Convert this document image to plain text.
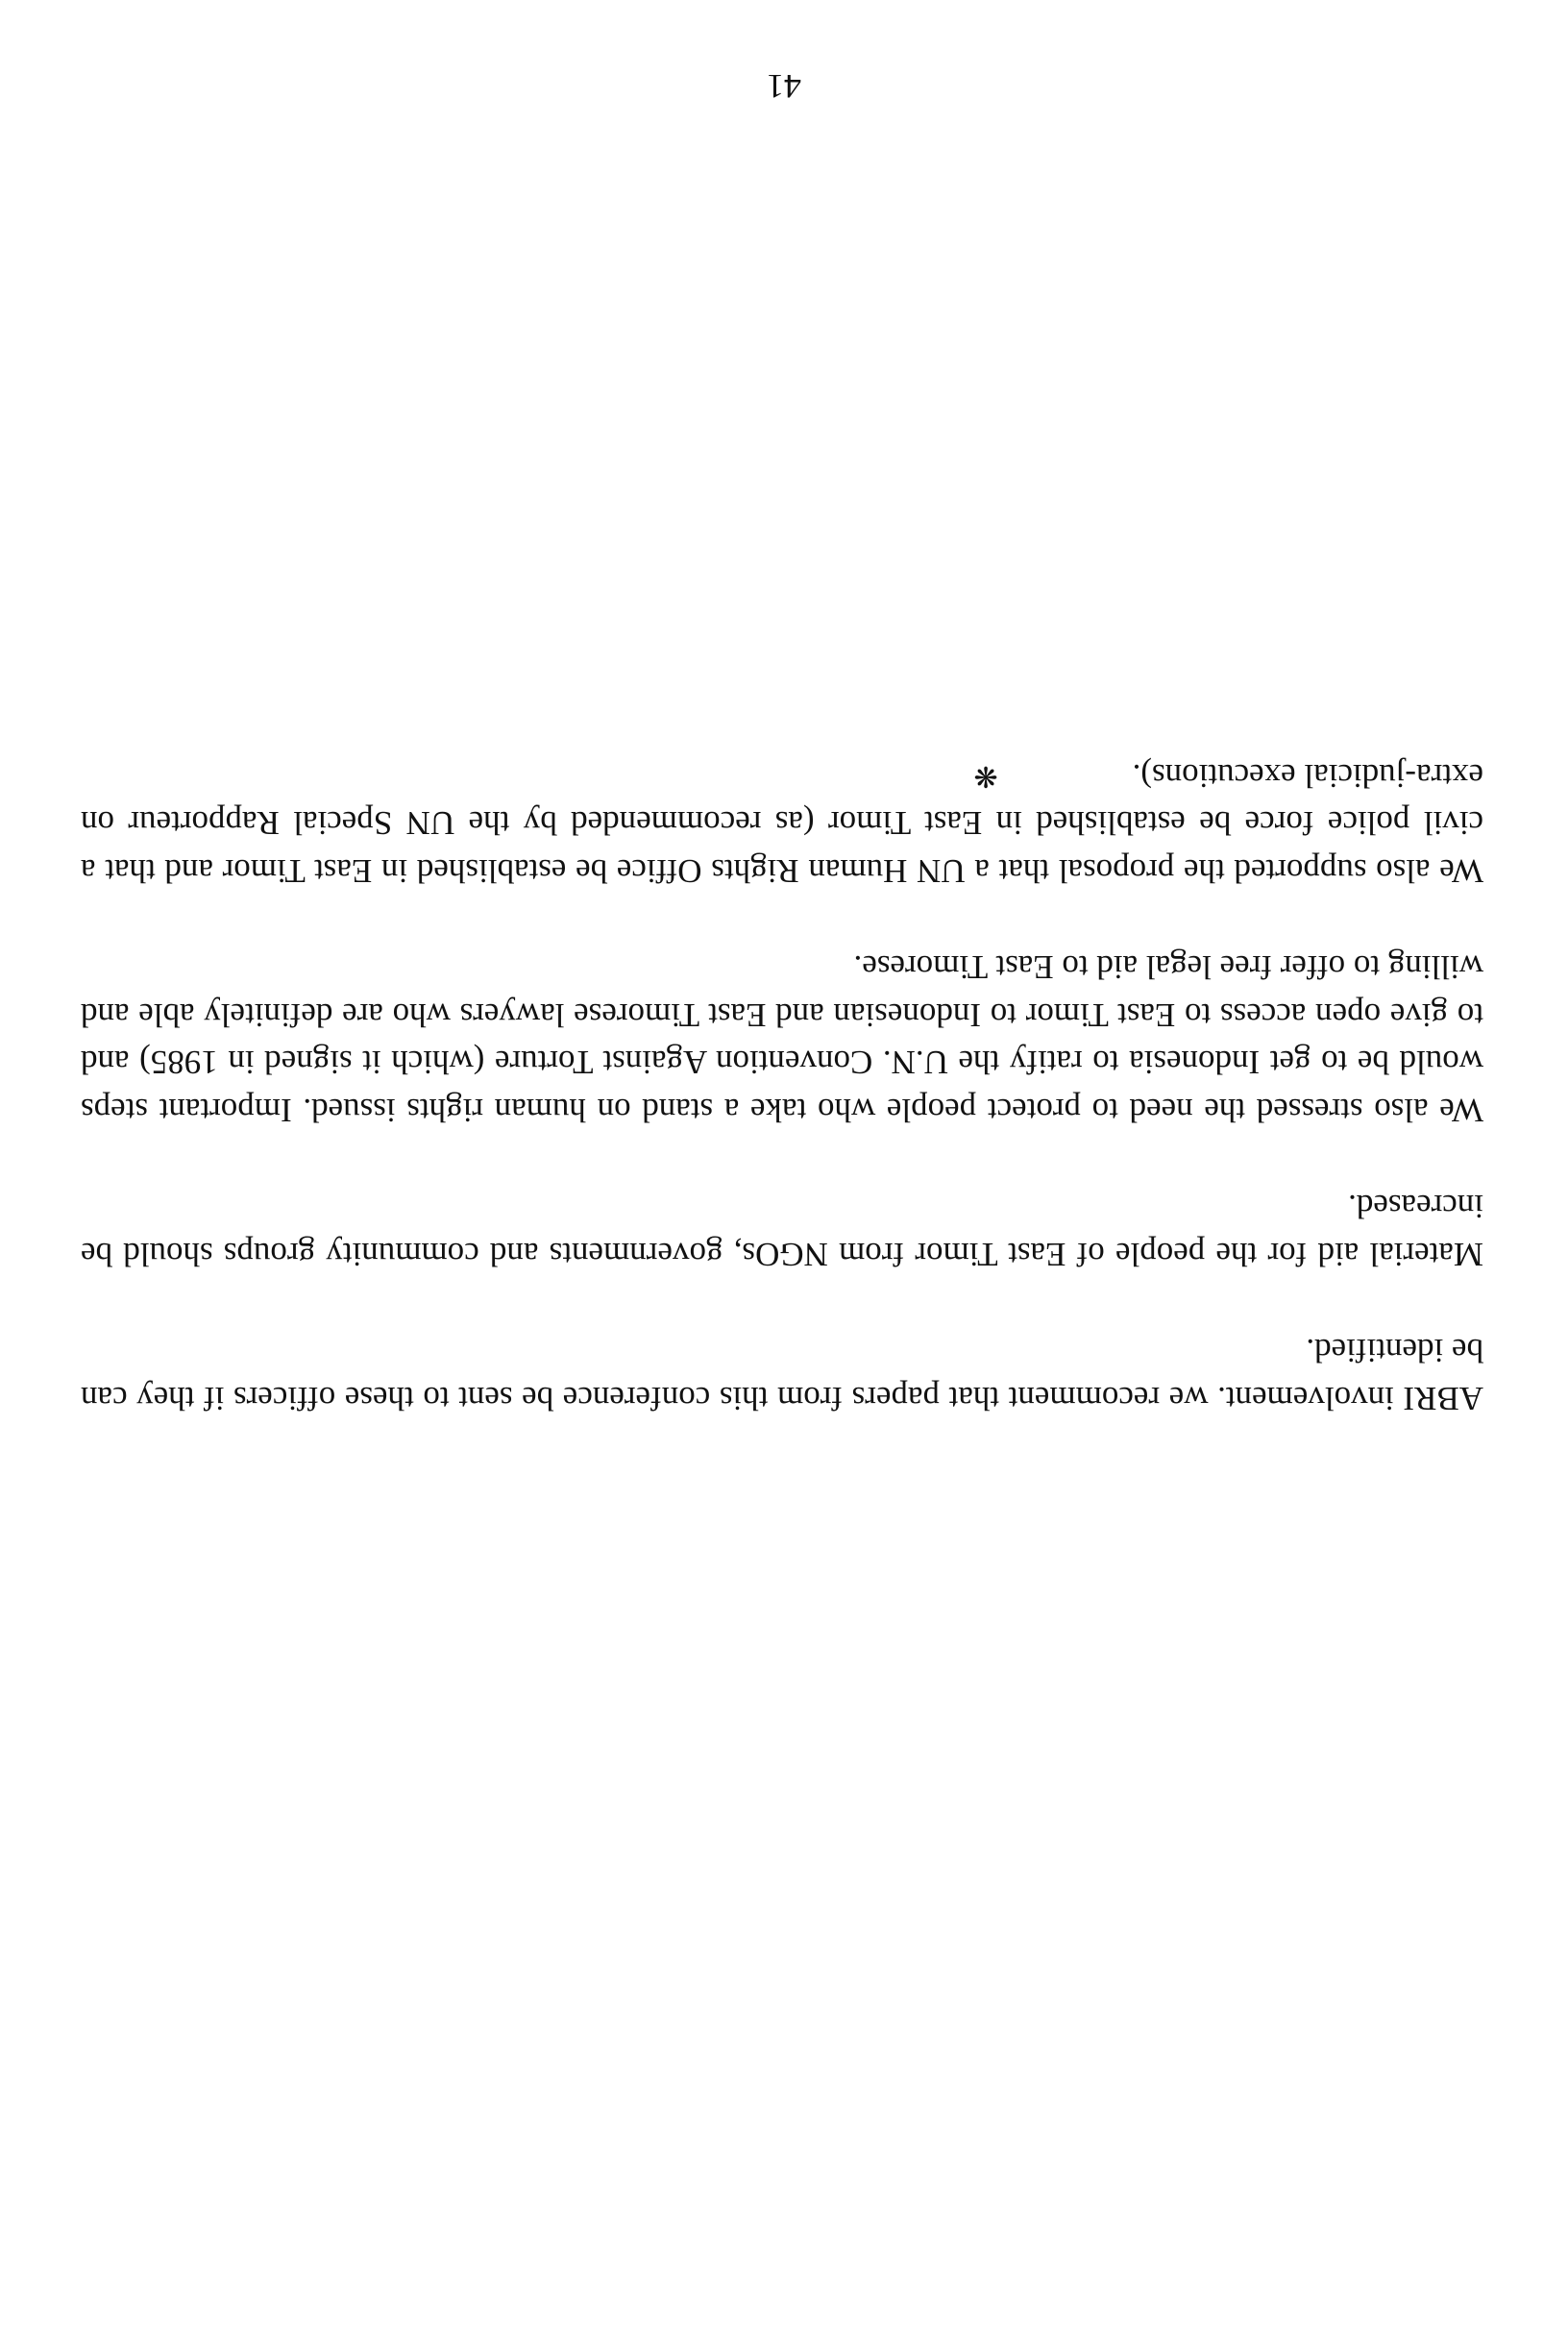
ABRI involvement. we recomment that papers from this conference be sent to these officers if they can be identified.

Material aid for the people of East Timor from NGOs, governments and community groups should be increased.

We also stressed the need to protect people who take a stand on human rights issued. Important steps would be to get Indonesia to ratify the U.N. Convention Against Torture (which it signed in 1985) and to give open access to East Timor to Indonesian and East Timorese lawyers who are definitely able and willing to offer free legal aid to East Timorese.

We also supported the proposal that a UN Human Rights Office be established in East Timor and that a civil police force be established in East Timor (as recommended by the UN Special Rapporteur on extra-judicial executions).❋

41
